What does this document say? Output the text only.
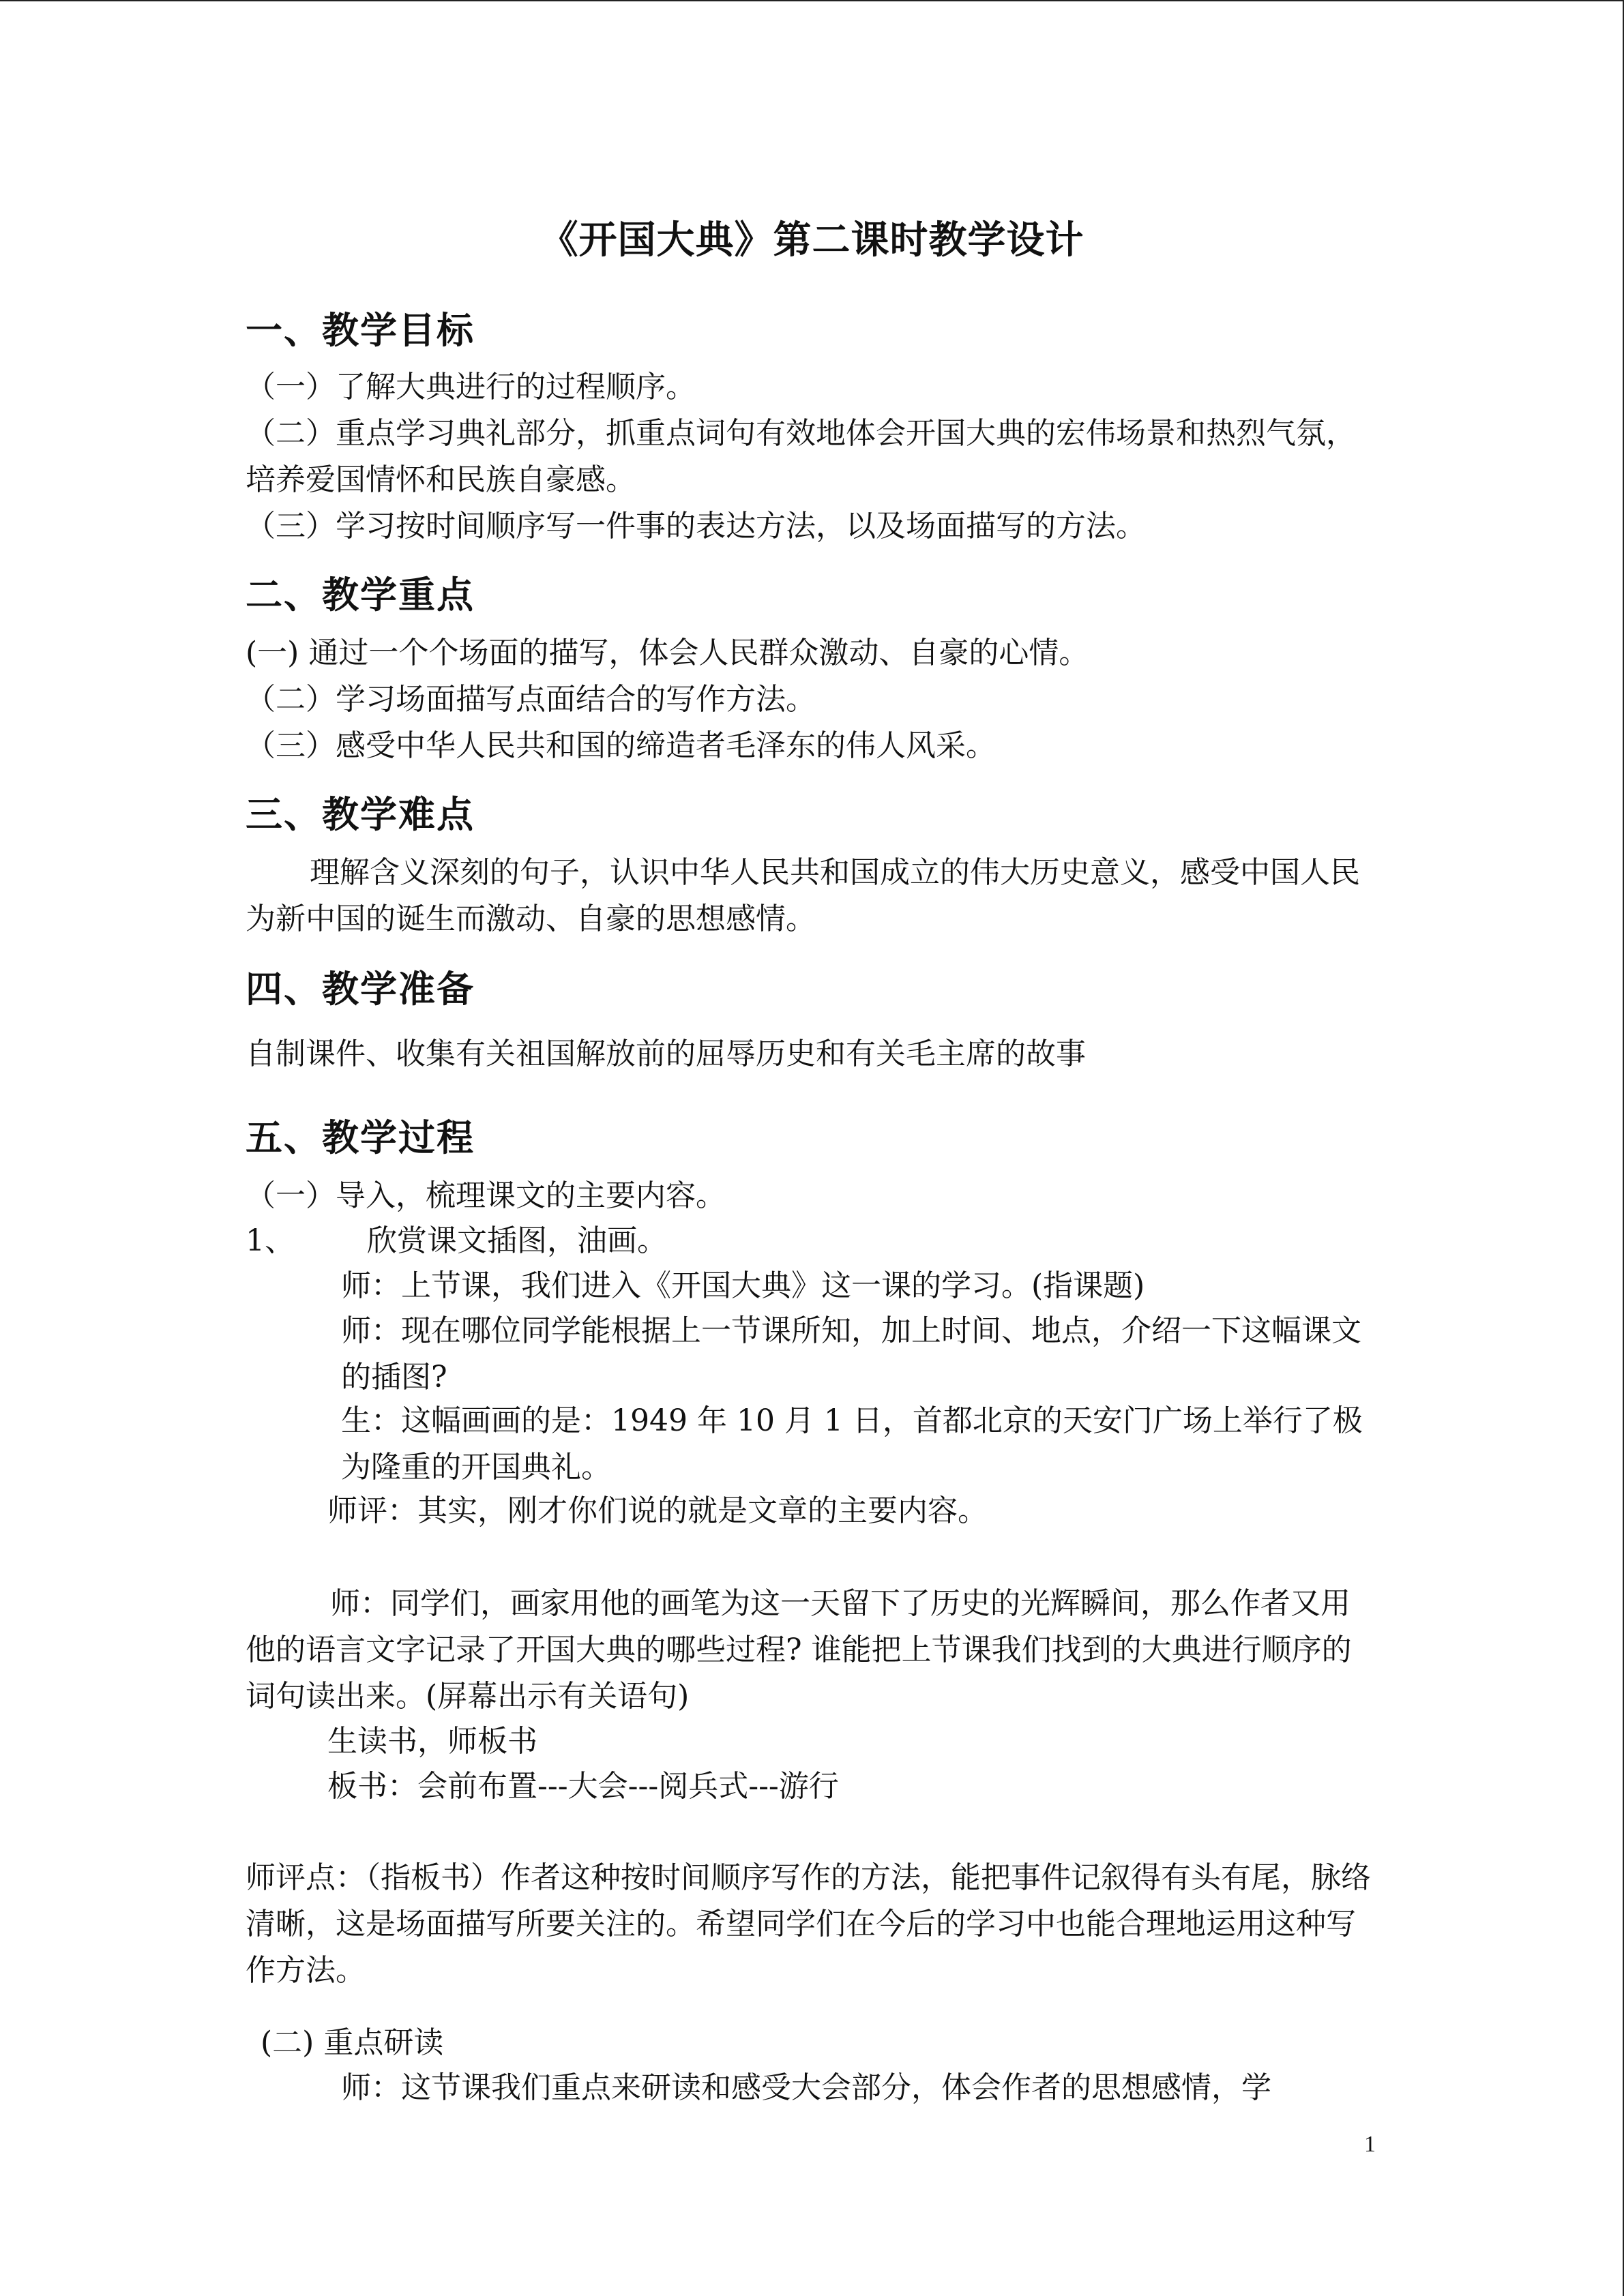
《开国大典》第二课时教学设计
一、教学目标
（一）了解大典进行的过程顺序。
（二）重点学习典礼部分，抓重点词句有效地体会开国大典的宏伟场景和热烈气氛，培养爱国情怀和民族自豪感。
（三）学习按时间顺序写一件事的表达方法，以及场面描写的方法。
二、教学重点
(一) 通过一个个场面的描写，体会人民群众激动、自豪的心情。
（二）学习场面描写点面结合的写作方法。
（三）感受中华人民共和国的缔造者毛泽东的伟人风采。
三、教学难点
理解含义深刻的句子，认识中华人民共和国成立的伟大历史意义，感受中国人民为新中国的诞生而激动、自豪的思想感情。
四、教学准备
自制课件、收集有关祖国解放前的屈辱历史和有关毛主席的故事
五、教学过程
（一）导入，梳理课文的主要内容。
1、	欣赏课文插图，油画。
师：上节课，我们进入《开国大典》这一课的学习。(指课题)
师：现在哪位同学能根据上一节课所知，加上时间、地点，介绍一下这幅课文的插图?
生：这幅画画的是：1949 年 10 月 1 日，首都北京的天安门广场上举行了极为隆重的开国典礼。
师评：其实，刚才你们说的就是文章的主要内容。
师：同学们，画家用他的画笔为这一天留下了历史的光辉瞬间，那么作者又用他的语言文字记录了开国大典的哪些过程? 谁能把上节课我们找到的大典进行顺序的词句读出来。(屏幕出示有关语句)
生读书，师板书
板书：会前布置---大会---阅兵式---游行
师评点：（指板书）作者这种按时间顺序写作的方法，能把事件记叙得有头有尾，脉络清晰，这是场面描写所要关注的。希望同学们在今后的学习中也能合理地运用这种写作方法。
(二) 重点研读
师：这节课我们重点来研读和感受大会部分，体会作者的思想感情，学
1
